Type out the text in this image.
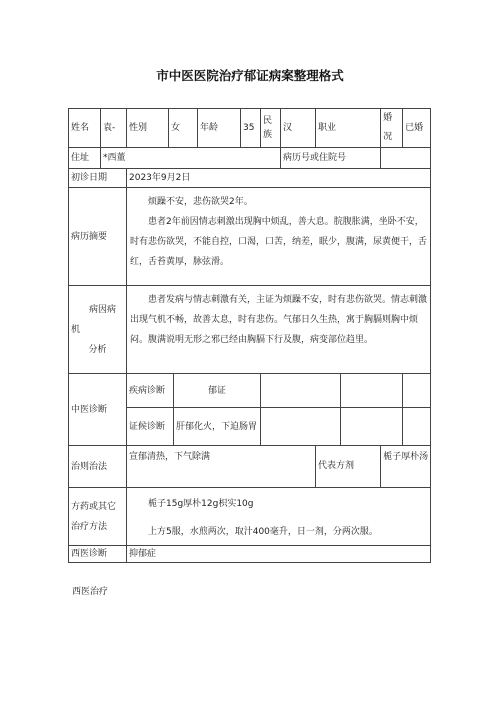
市中医医院治疗郁证病案整理格式
姓名	袁-	性别	女		年龄	35	民族	汉	职业		婚况	已婚
住址	*西董							病历号或住院号				
初诊日期		2023年9月2日										
病历摘要		烦躁不安，悲伤欲哭2年。
患者2年前因情志刺激出现胸中烦乱，善大息。脘腹胀满，坐卧不安，时有悲伤欲哭，不能自控，口渴，口苦，纳差，眠少，腹满，尿黄便干，舌红，舌苔黄厚，脉弦滑。										

病因病机
分析		患者发病与情志刺激有关，主证为烦躁不安，时有悲伤欲哭。情志刺激出现气机不畅，故善太息，时有悲伤。气郁日久生热，寓于胸膈则胸中烦闷。腹满说明无形之邪已经由胸膈下行及腹，病变部位趋里。										

中医诊断		疾病诊断		郁证								
		证候诊断		肝郁化火，下迫肠胃								
治则治法		宣郁清热，下气除满							代表方剂		栀子厚朴汤	
方药或其它治疗方法		栀子15g厚朴12g枳实10g
上方5服，水煎两次，取汁400毫升，日一剂，分两次服。										

西医诊断		抑郁症										
西医治疗
